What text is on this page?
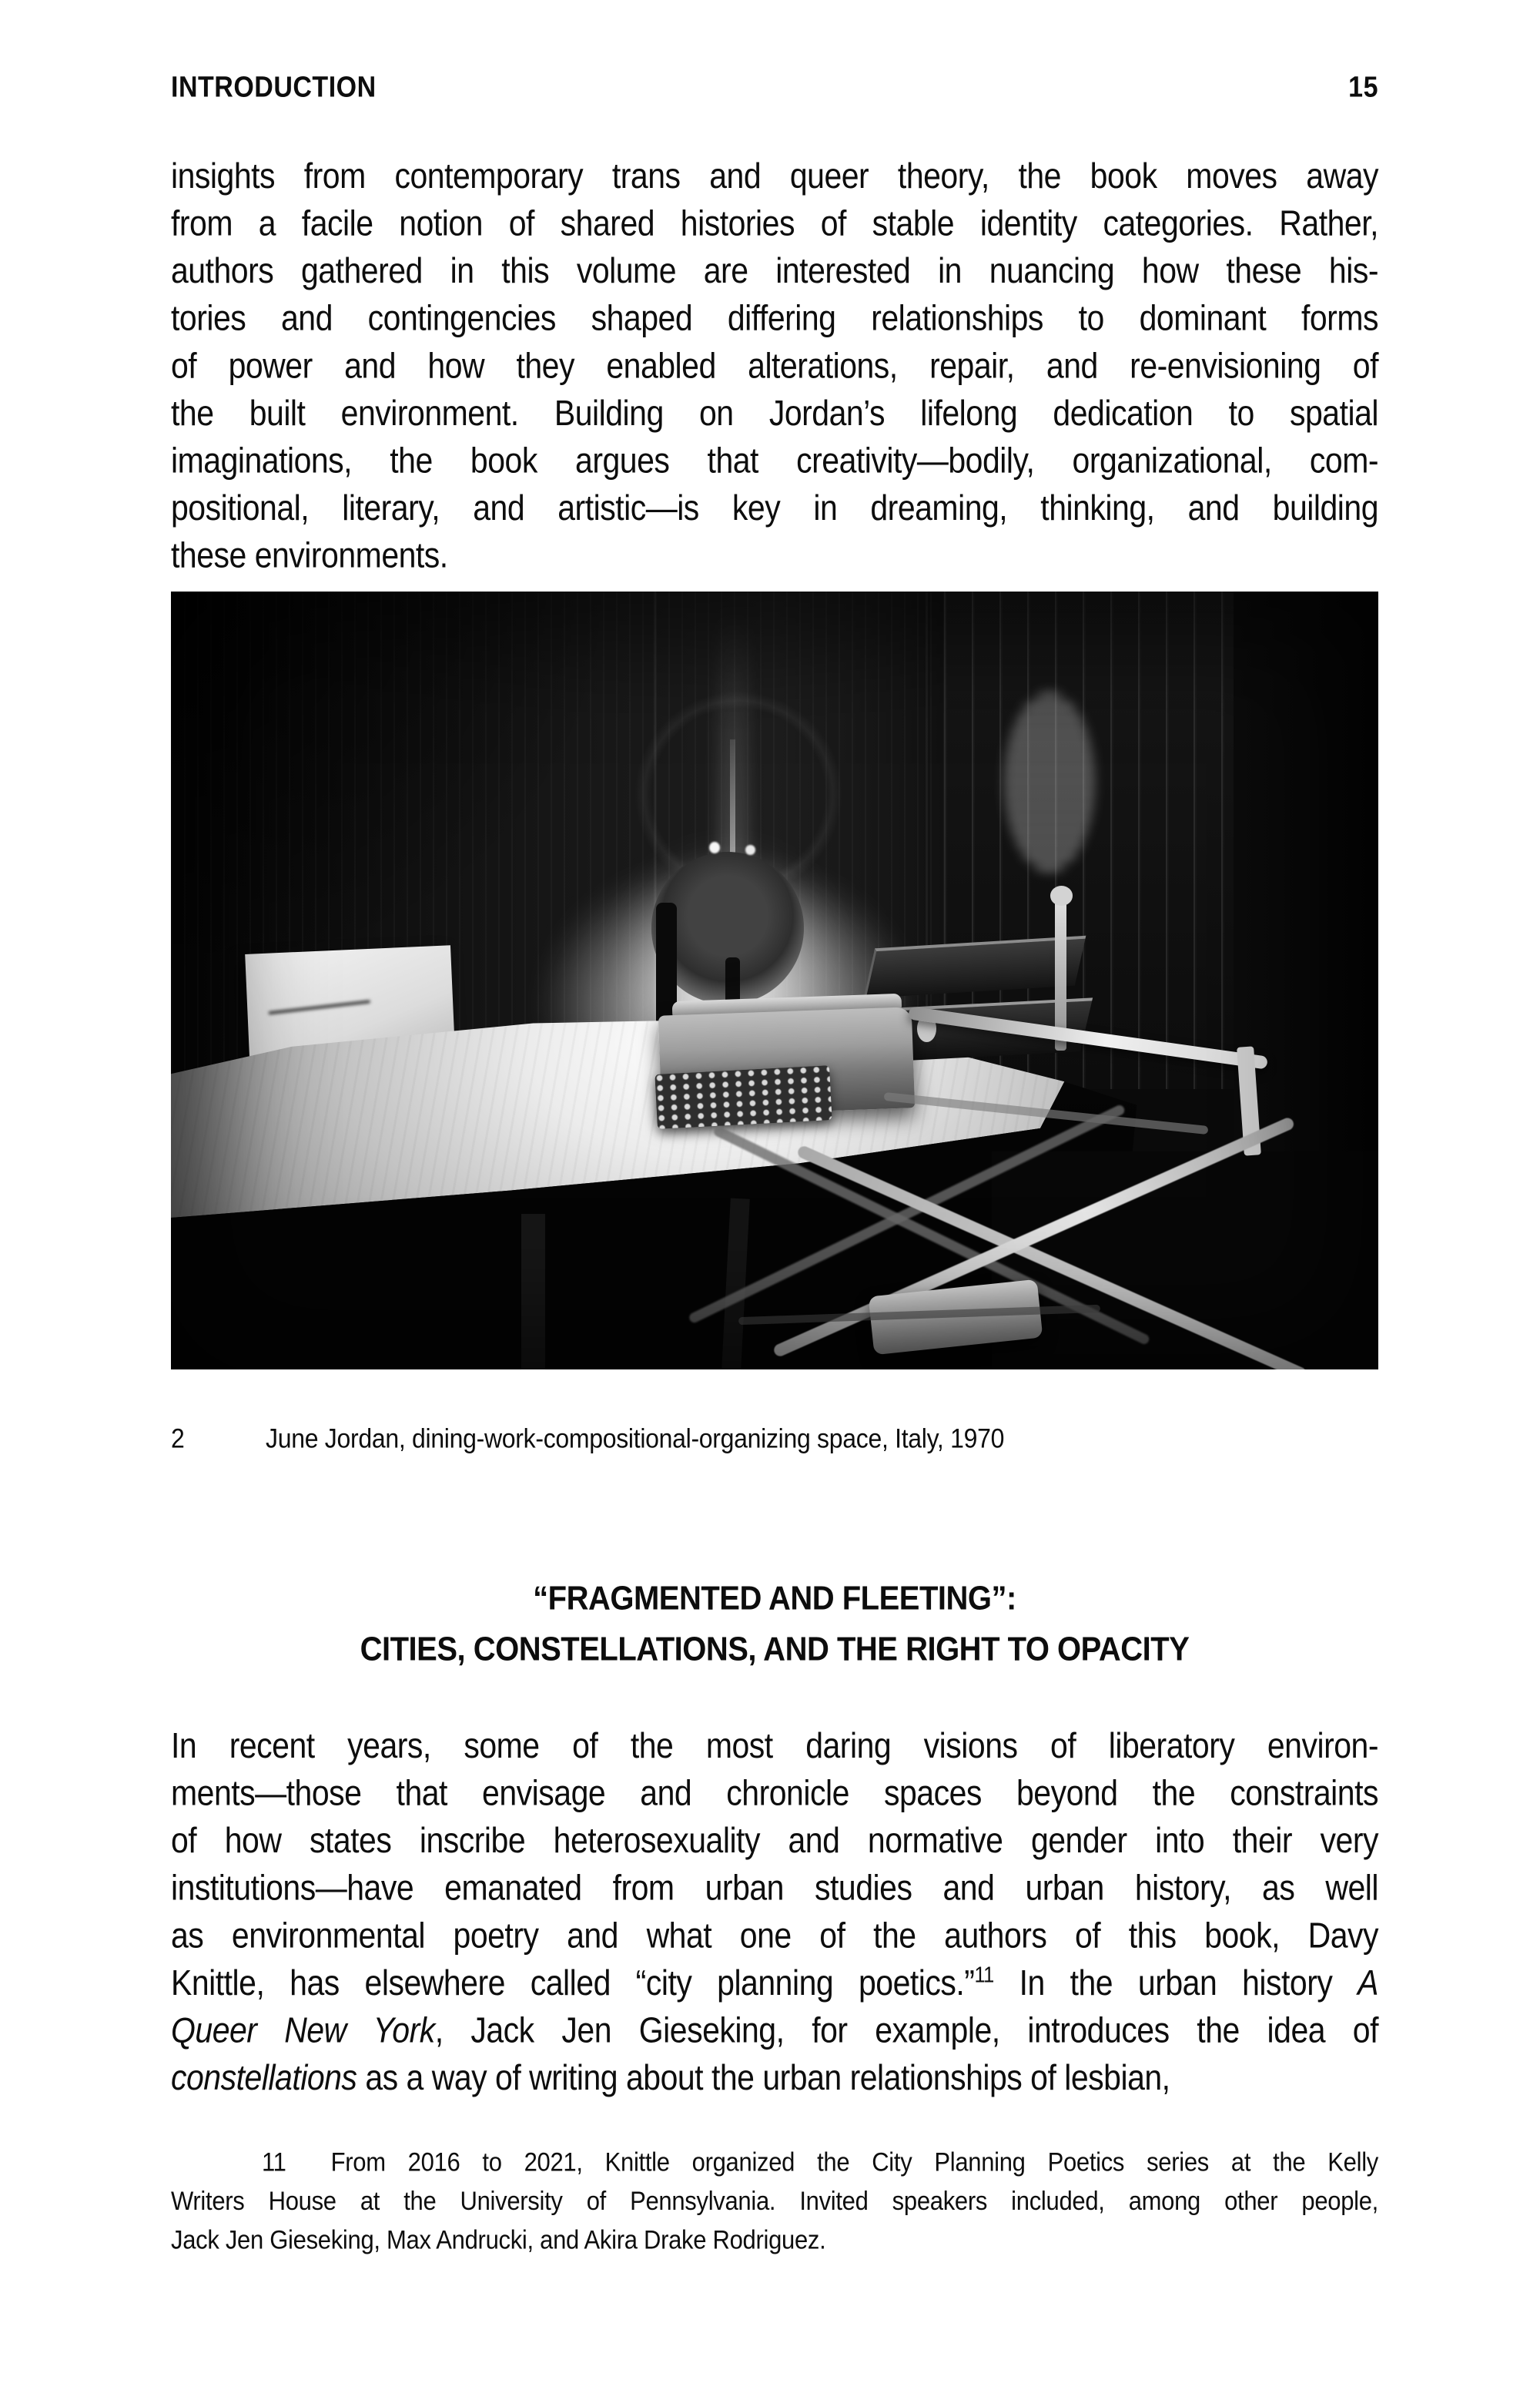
INTRODUCTION	15
insights from contemporary trans and queer theory, the book moves away
from a facile notion of shared histories of stable identity categories. Rather,
authors gathered in this volume are interested in nuancing how these his-
tories and contingencies shaped differing relationships to dominant forms
of power and how they enabled alterations, repair, and re-envisioning of
the built environment. Building on Jordan’s lifelong dedication to spatial
imaginations, the book argues that creativity—bodily, organizational, com-
positional, literary, and artistic—is key in dreaming, thinking, and building
these environments.
2	June Jordan, dining-work-compositional-organizing space, Italy, 1970
“FRAGMENTED AND FLEETING”:
CITIES, CONSTELLATIONS, AND THE RIGHT TO OPACITY
In recent years, some of the most daring visions of liberatory environ-
ments—those that envisage and chronicle spaces beyond the constraints
of how states inscribe heterosexuality and normative gender into their very
institutions—have emanated from urban studies and urban history, as well
as environmental poetry and what one of the authors of this book, Davy
Knittle, has elsewhere called “city planning poetics.”$^{11}$ In the urban history A
Queer New York, Jack Jen Gieseking, for example, introduces the idea of
constellations as a way of writing about the urban relationships of lesbian,
11 From 2016 to 2021, Knittle organized the City Planning Poetics series at the Kelly
Writers House at the University of Pennsylvania. Invited speakers included, among other people,
Jack Jen Gieseking, Max Andrucki, and Akira Drake Rodriguez.
